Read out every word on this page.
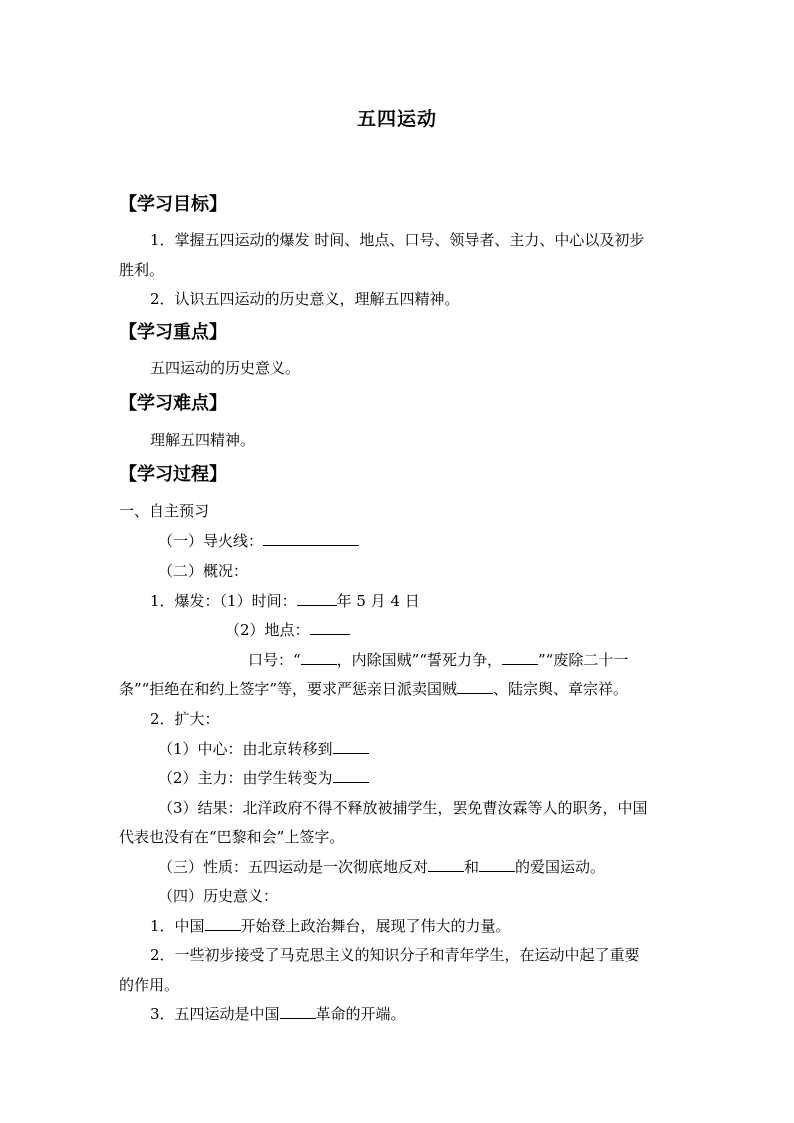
五四运动
【学习目标】
1．掌握五四运动的爆发 时间、地点、口号、领导者、主力、中心以及初步
胜利。
2．认识五四运动的历史意义，理解五四精神。
【学习重点】
五四运动的历史意义。
【学习难点】
理解五四精神。
【学习过程】
一、自主预习
（一）导火线：
（二）概况：
1．爆发：（1）时间：	年 5 月 4 日
（2）地点：
口号：“ ，内除国贼”“誓死力争， ”“废除二十一
条”“拒绝在和约上签字”等，要求严惩亲日派卖国贼 、陆宗舆、章宗祥。
2．扩大：
（1）中心：由北京转移到
（2）主力：由学生转变为
（3）结果：北洋政府不得不释放被捕学生，罢免曹汝霖等人的职务，中国
代表也没有在“巴黎和会”上签字。
（三）性质：五四运动是一次彻底地反对 和 的爱国运动。
（四）历史意义：
1．中国 开始登上政治舞台，展现了伟大的力量。
2．一些初步接受了马克思主义的知识分子和青年学生，在运动中起了重要
的作用。
3．五四运动是中国 革命的开端。
